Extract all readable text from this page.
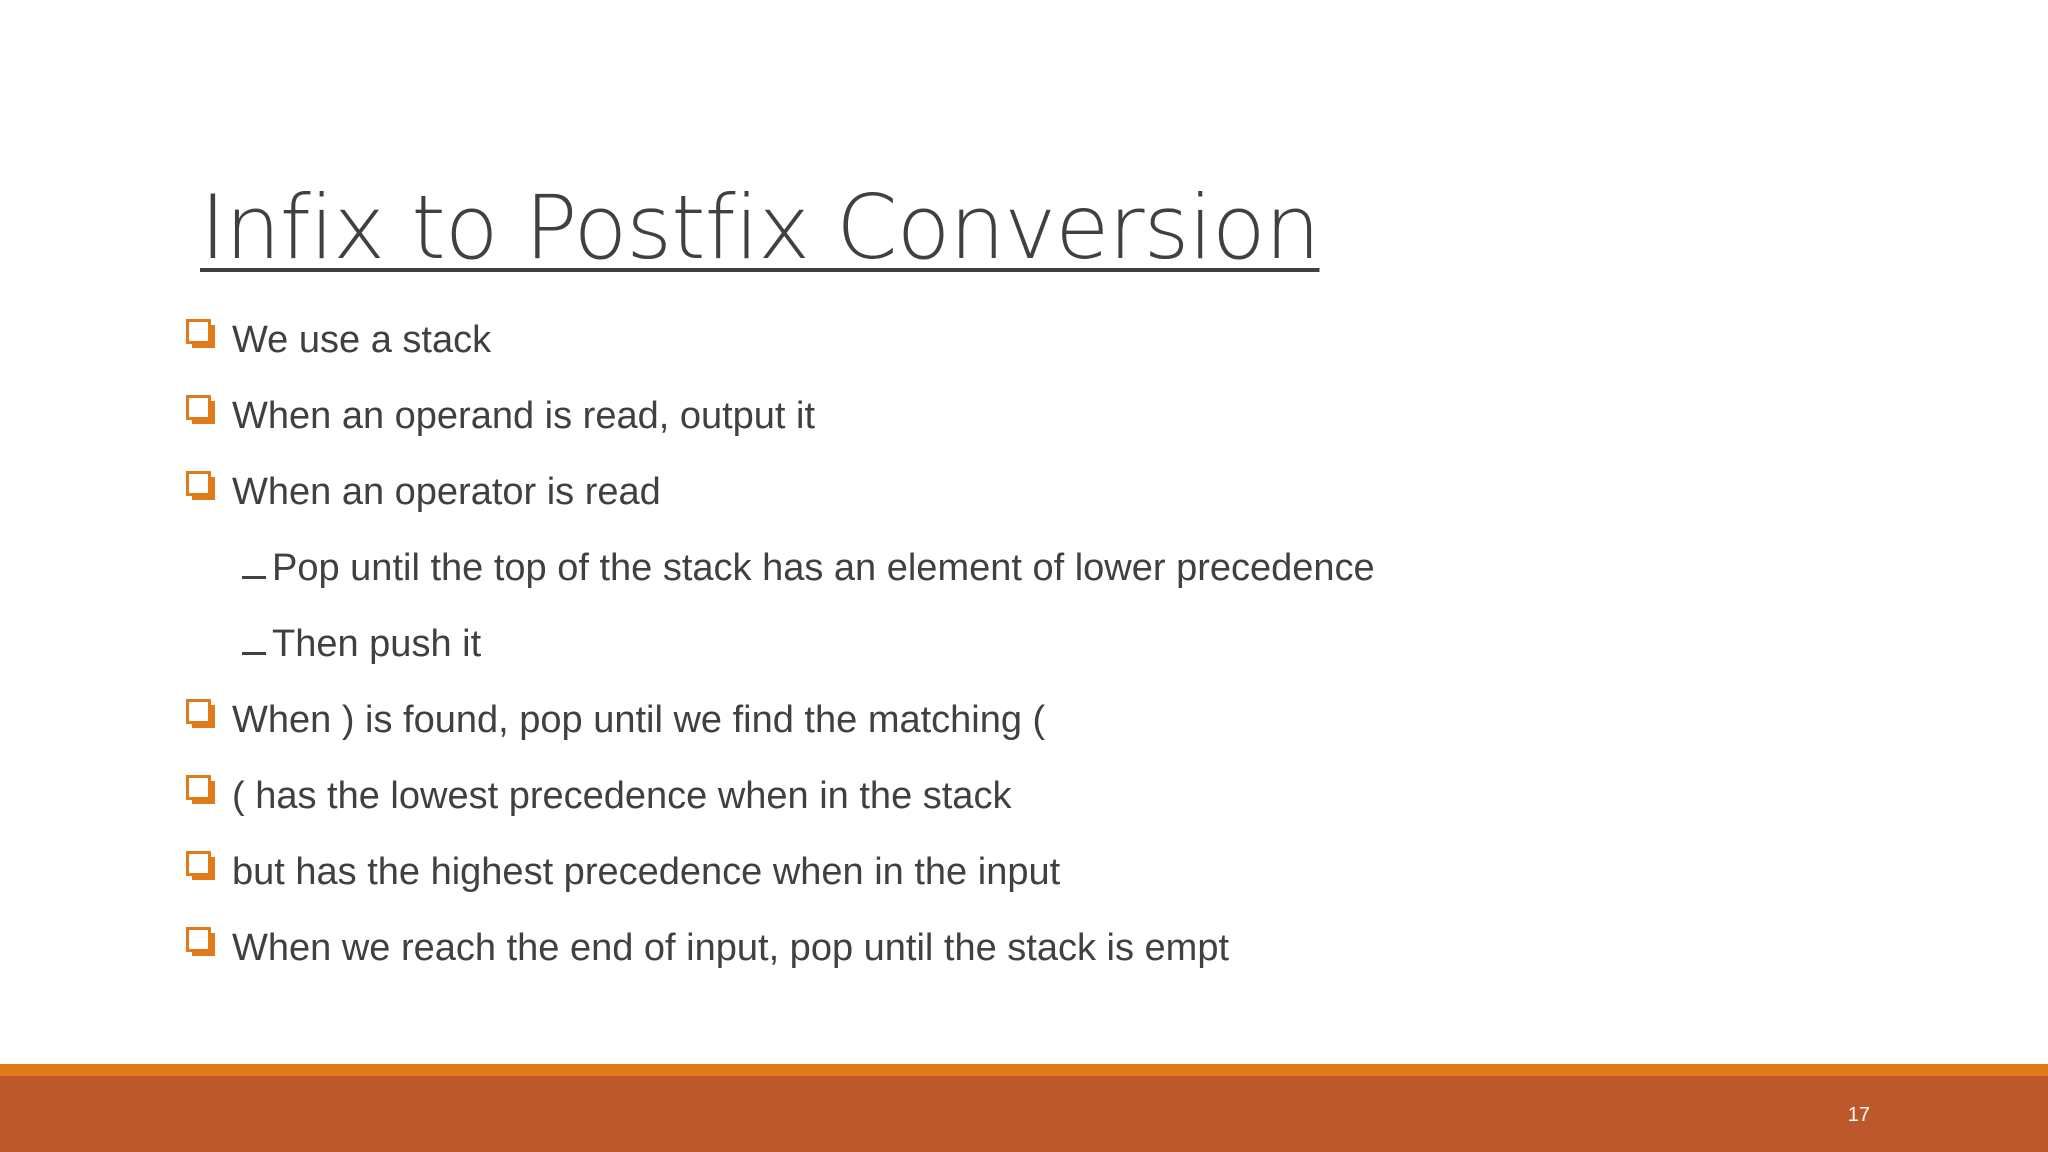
Infix to Postfix Conversion
We use a stack
When an operand is read, output it
When an operator is read
Pop until the top of the stack has an element of lower precedence
Then push it
When ) is found, pop until we find the matching (
( has the lowest precedence when in the stack
but has the highest precedence when in the input
When we reach the end of input, pop until the stack is empt
17
